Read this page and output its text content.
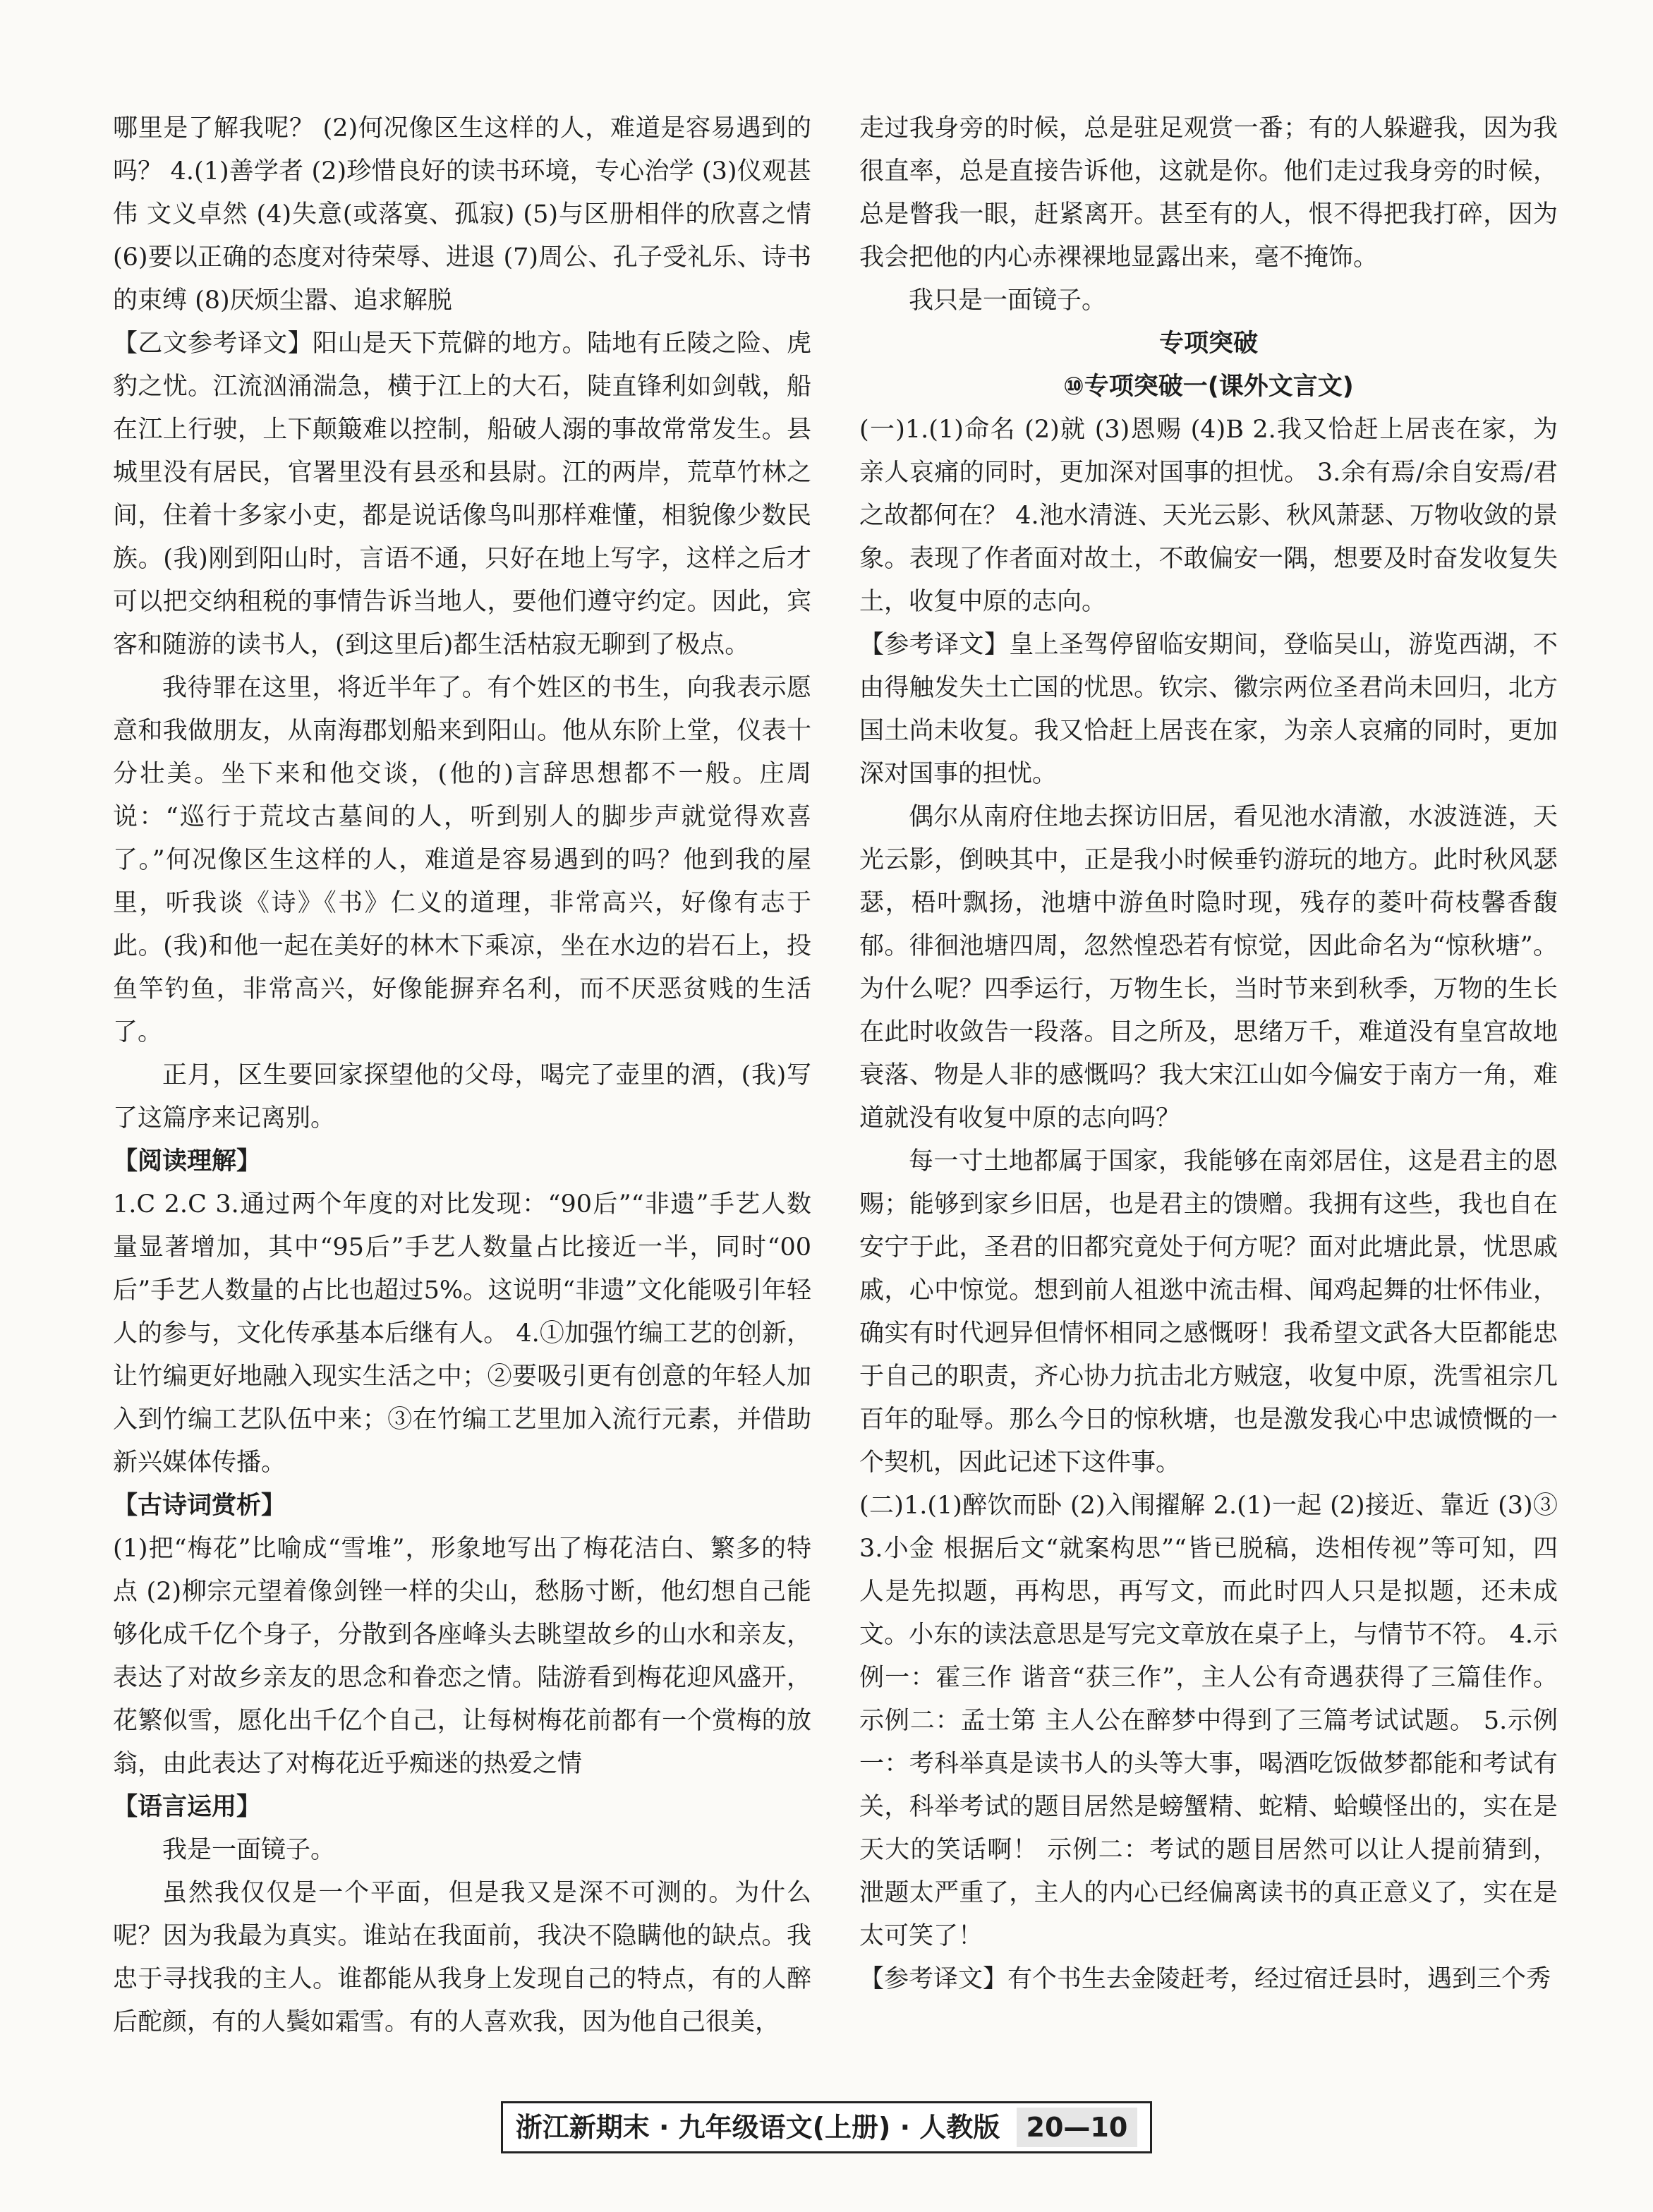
哪里是了解我呢？ (2)何况像区生这样的人，难道是容易遇到的吗？ 4.(1)善学者 (2)珍惜良好的读书环境，专心治学 (3)仪观甚伟 文义卓然 (4)失意(或落寞、孤寂) (5)与区册相伴的欣喜之情 (6)要以正确的态度对待荣辱、进退 (7)周公、孔子受礼乐、诗书的束缚 (8)厌烦尘嚣、追求解脱

【乙文参考译文】阳山是天下荒僻的地方。陆地有丘陵之险、虎豹之忧。江流汹涌湍急，横于江上的大石，陡直锋利如剑戟，船在江上行驶，上下颠簸难以控制，船破人溺的事故常常发生。县城里没有居民，官署里没有县丞和县尉。江的两岸，荒草竹林之间，住着十多家小吏，都是说话像鸟叫那样难懂，相貌像少数民族。(我)刚到阳山时，言语不通，只好在地上写字，这样之后才可以把交纳租税的事情告诉当地人，要他们遵守约定。因此，宾客和随游的读书人，(到这里后)都生活枯寂无聊到了极点。

我待罪在这里，将近半年了。有个姓区的书生，向我表示愿意和我做朋友，从南海郡划船来到阳山。他从东阶上堂，仪表十分壮美。坐下来和他交谈，(他的)言辞思想都不一般。庄周说：“巡行于荒坟古墓间的人，听到别人的脚步声就觉得欢喜了。”何况像区生这样的人，难道是容易遇到的吗？他到我的屋里，听我谈《诗》《书》仁义的道理，非常高兴，好像有志于此。(我)和他一起在美好的林木下乘凉，坐在水边的岩石上，投鱼竿钓鱼，非常高兴，好像能摒弃名利，而不厌恶贫贱的生活了。

正月，区生要回家探望他的父母，喝完了壶里的酒，(我)写了这篇序来记离别。

【阅读理解】

1.C 2.C 3.通过两个年度的对比发现：“90后”“非遗”手艺人数量显著增加，其中“95后”手艺人数量占比接近一半，同时“00后”手艺人数量的占比也超过5%。这说明“非遗”文化能吸引年轻人的参与，文化传承基本后继有人。 4.①加强竹编工艺的创新，让竹编更好地融入现实生活之中；②要吸引更有创意的年轻人加入到竹编工艺队伍中来；③在竹编工艺里加入流行元素，并借助新兴媒体传播。

【古诗词赏析】

(1)把“梅花”比喻成“雪堆”，形象地写出了梅花洁白、繁多的特点 (2)柳宗元望着像剑锉一样的尖山，愁肠寸断，他幻想自己能够化成千亿个身子，分散到各座峰头去眺望故乡的山水和亲友，表达了对故乡亲友的思念和眷恋之情。陆游看到梅花迎风盛开，花繁似雪，愿化出千亿个自己，让每树梅花前都有一个赏梅的放翁，由此表达了对梅花近乎痴迷的热爱之情

【语言运用】

我是一面镜子。

虽然我仅仅是一个平面，但是我又是深不可测的。为什么呢？因为我最为真实。谁站在我面前，我决不隐瞒他的缺点。我忠于寻找我的主人。谁都能从我身上发现自己的特点，有的人醉后酡颜，有的人鬓如霜雪。有的人喜欢我，因为他自己很美，

走过我身旁的时候，总是驻足观赏一番；有的人躲避我，因为我很直率，总是直接告诉他，这就是你。他们走过我身旁的时候，总是瞥我一眼，赶紧离开。甚至有的人，恨不得把我打碎，因为我会把他的内心赤裸裸地显露出来，毫不掩饰。

我只是一面镜子。

专项突破

⑩专项突破一(课外文言文)

(一)1.(1)命名 (2)就 (3)恩赐 (4)B 2.我又恰赶上居丧在家，为亲人哀痛的同时，更加深对国事的担忧。 3.余有焉/余自安焉/君之故都何在？ 4.池水清涟、天光云影、秋风萧瑟、万物收敛的景象。表现了作者面对故土，不敢偏安一隅，想要及时奋发收复失土，收复中原的志向。

【参考译文】皇上圣驾停留临安期间，登临吴山，游览西湖，不由得触发失土亡国的忧思。钦宗、徽宗两位圣君尚未回归，北方国土尚未收复。我又恰赶上居丧在家，为亲人哀痛的同时，更加深对国事的担忧。

偶尔从南府住地去探访旧居，看见池水清澈，水波涟涟，天光云影，倒映其中，正是我小时候垂钓游玩的地方。此时秋风瑟瑟，梧叶飘扬，池塘中游鱼时隐时现，残存的菱叶荷枝馨香馥郁。徘徊池塘四周，忽然惶恐若有惊觉，因此命名为“惊秋塘”。为什么呢？四季运行，万物生长，当时节来到秋季，万物的生长在此时收敛告一段落。目之所及，思绪万千，难道没有皇宫故地衰落、物是人非的感慨吗？我大宋江山如今偏安于南方一角，难道就没有收复中原的志向吗？

每一寸土地都属于国家，我能够在南郊居住，这是君主的恩赐；能够到家乡旧居，也是君主的馈赠。我拥有这些，我也自在安宁于此，圣君的旧都究竟处于何方呢？面对此塘此景，忧思戚戚，心中惊觉。想到前人祖逖中流击楫、闻鸡起舞的壮怀伟业，确实有时代迥异但情怀相同之感慨呀！我希望文武各大臣都能忠于自己的职责，齐心协力抗击北方贼寇，收复中原，洗雪祖宗几百年的耻辱。那么今日的惊秋塘，也是激发我心中忠诚愤慨的一个契机，因此记述下这件事。

(二)1.(1)醉饮而卧 (2)入闱擢解 2.(1)一起 (2)接近、靠近 (3)③ 3.小金 根据后文“就案构思”“皆已脱稿，迭相传视”等可知，四人是先拟题，再构思，再写文，而此时四人只是拟题，还未成文。小东的读法意思是写完文章放在桌子上，与情节不符。 4.示例一：霍三作 谐音“获三作”，主人公有奇遇获得了三篇佳作。 示例二：孟士第 主人公在醉梦中得到了三篇考试试题。 5.示例一：考科举真是读书人的头等大事，喝酒吃饭做梦都能和考试有关，科举考试的题目居然是螃蟹精、蛇精、蛤蟆怪出的，实在是天大的笑话啊！ 示例二：考试的题目居然可以让人提前猜到，泄题太严重了，主人的内心已经偏离读书的真正意义了，实在是太可笑了！

【参考译文】有个书生去金陵赶考，经过宿迁县时，遇到三个秀

浙江新期末 · 九年级语文(上册) · 人教版 20—10
